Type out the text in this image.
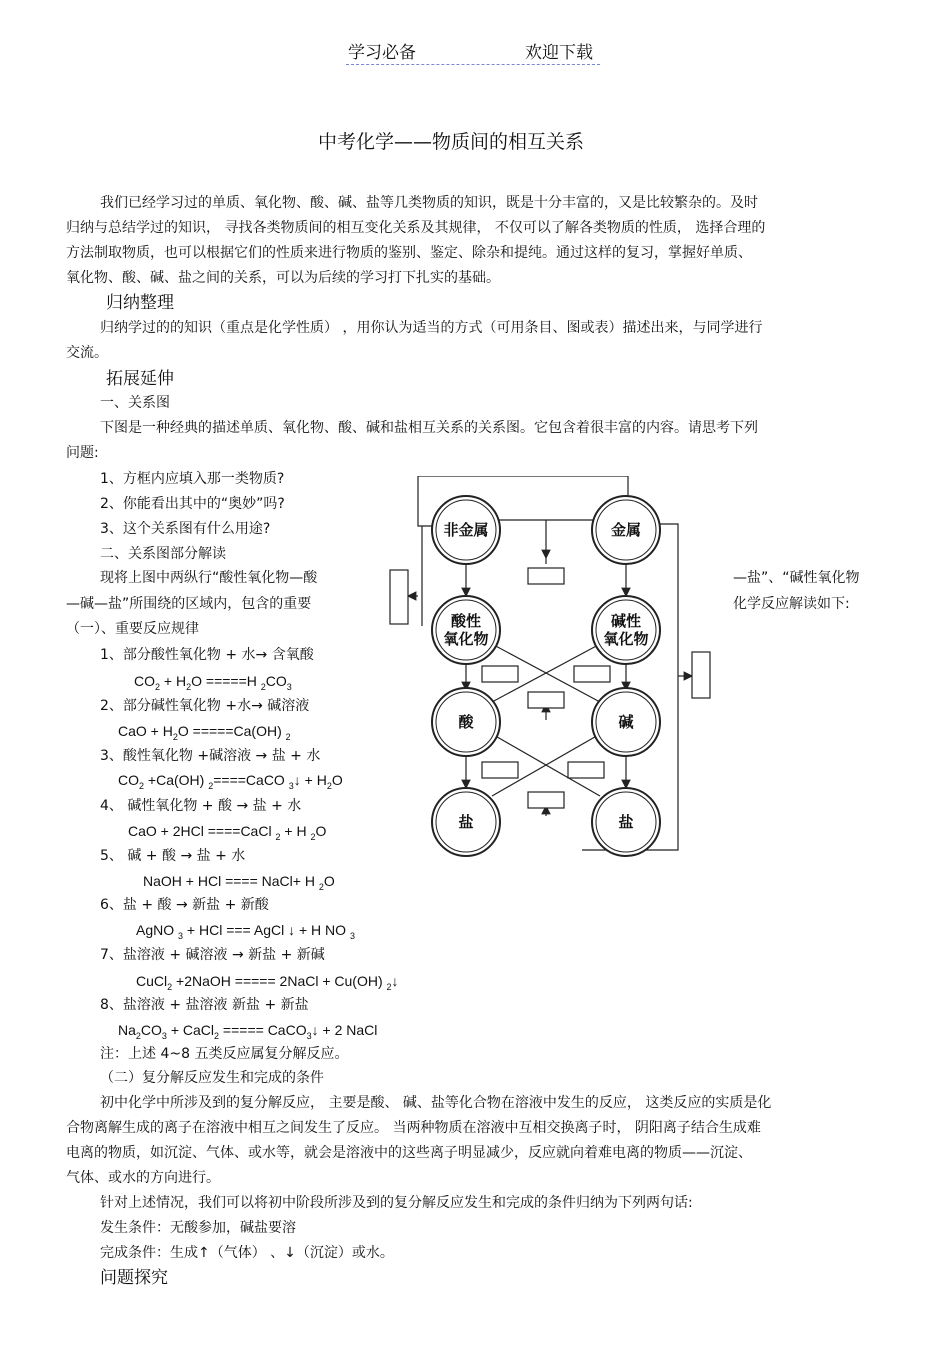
学习必备	欢迎下载
中考化学——物质间的相互关系
我们已经学习过的单质、氧化物、酸、碱、盐等几类物质的知识，既是十分丰富的，又是比较繁杂的。及时
归纳与总结学过的知识， 寻找各类物质间的相互变化关系及其规律， 不仅可以了解各类物质的性质， 选择合理的
方法制取物质，也可以根据它们的性质来进行物质的鉴别、鉴定、除杂和提纯。通过这样的复习，掌握好单质、
氧化物、酸、碱、盐之间的关系，可以为后续的学习打下扎实的基础。
归纳整理
归纳学过的的知识（重点是化学性质） ，用你认为适当的方式（可用条目、图或表）描述出来，与同学进行
交流。
拓展延伸
一、关系图
下图是一种经典的描述单质、氧化物、酸、碱和盐相互关系的关系图。它包含着很丰富的内容。请思考下列
问题:
1、方框内应填入那一类物质?
2、你能看出其中的“奥妙”吗?
3、这个关系图有什么用途?
二、关系图部分解读
现将上图中两纵行“酸性氧化物—酸	—盐”、“碱性氧化物
—碱—盐”所围绕的区域内，包含的重要	化学反应解读如下:
（一）、重要反应规律
1、部分酸性氧化物 + 水→ 含氧酸
$CO_2 + H_2O =====H$ $_2CO_3$
2、部分碱性氧化物 +水→ 碱溶液
CaO + $H_2O =====Ca(OH)$ $_2$
3、酸性氧化物 +碱溶液 → 盐 + 水
$CO_2 +Ca(OH)$ $_2$====CaCO $_3$↓ + $H_2O$
4、 碱性氧化物 + 酸 → 盐 + 水
CaO + 2HCl ====CaCl $_2$ + H $_2$O
5、 碱 + 酸 → 盐 + 水
NaOH + HCl ==== NaCl+ H $_2$O
6、盐 + 酸 → 新盐 + 新酸
AgNO $_3$ + HCl === AgCl ↓ + H NO $_3$
7、盐溶液 + 碱溶液 → 新盐 + 新碱
CuCl$_2$ +2NaOH ===== 2NaCl + Cu(OH) $_2$↓
8、盐溶液 + 盐溶液 新盐 + 新盐
$Na_2CO_3$ + CaCl$_2$ ===== CaCO$_3$↓ + 2 NaCl
注：上述 4~8 五类反应属复分解反应。
（二）复分解反应发生和完成的条件
初中化学中所涉及到的复分解反应， 主要是酸、 碱、盐等化合物在溶液中发生的反应， 这类反应的实质是化
合物离解生成的离子在溶液中相互之间发生了反应。 当两种物质在溶液中互相交换离子时， 阴阳离子结合生成难
电离的物质，如沉淀、气体、或水等，就会是溶液中的这些离子明显减少，反应就向着难电离的物质——沉淀、
气体、或水的方向进行。
针对上述情况，我们可以将初中阶段所涉及到的复分解反应发生和完成的条件归纳为下列两句话:
发生条件：无酸参加，碱盐要溶
完成条件：生成↑（气体） 、↓（沉淀）或水。
问题探究
非金属	金属
酸性
氧化物
碱性
氧化物
酸	碱
盐	盐
